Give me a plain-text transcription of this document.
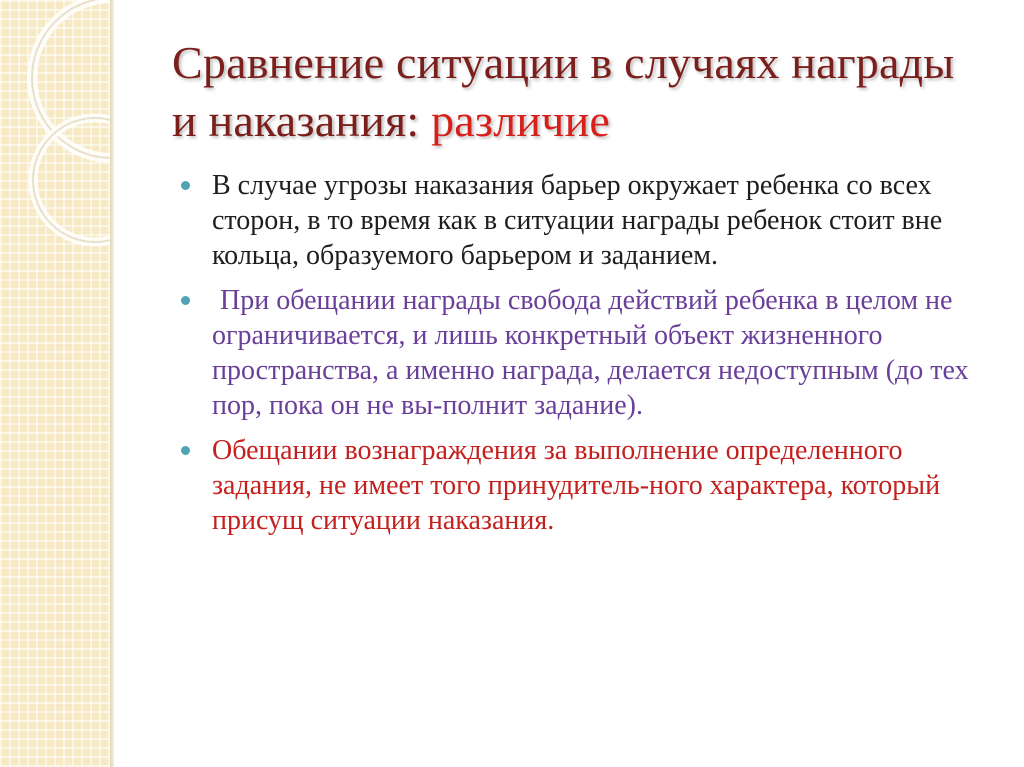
Сравнение ситуации в случаях награды и наказания: различие
В случае угрозы наказания барьер окружает ребенка со всех сторон, в то время как в ситуации награды ребенок стоит вне кольца, образуемого барьером и заданием.
При обещании награды свобода действий ребенка в целом не ограничивается, и лишь конкретный объект жизненного пространства, а именно награда, делается недоступным (до тех пор, пока он не вы-полнит задание).
Обещании вознаграждения за выполнение определенного задания, не имеет того принудитель-ного характера, который присущ ситуации наказания.
